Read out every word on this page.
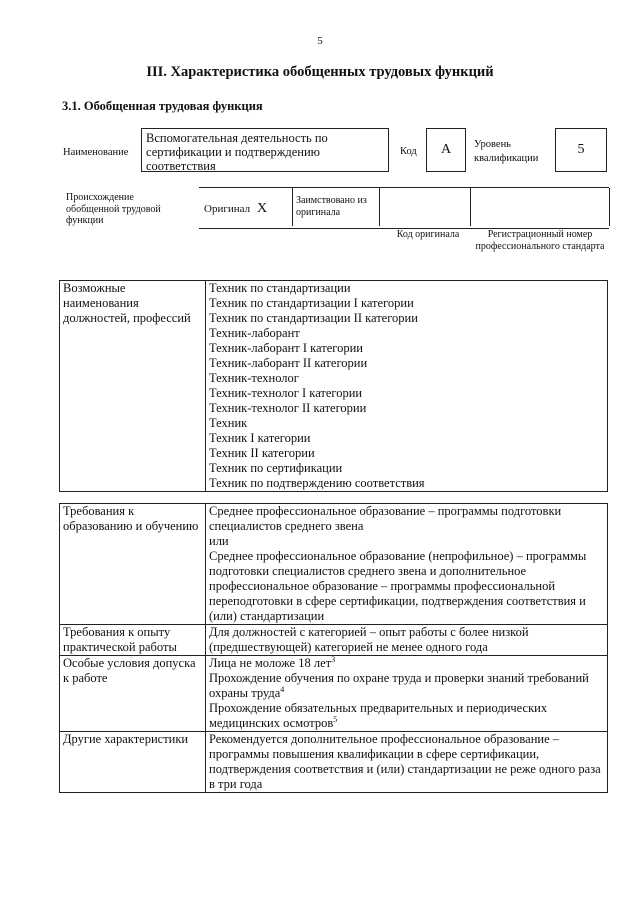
5
III. Характеристика обобщенных трудовых функций
3.1. Обобщенная трудовая функция
Наименование
Вспомогательная деятельность по сертификации и подтверждению соответствия
Код	А	Уровень квалификации
5
Происхождение обобщенной трудовой функции
Оригинал Х
Заимствовано из оригинала
Код оригинала	Регистрационный номер профессионального стандарта
Возможные наименования должностей, профессий	
Техник по стандартизации
Техник по стандартизации I категории
Техник по стандартизации II категории
Техник-лаборант
Техник-лаборант I категории
Техник-лаборант II категории
Техник-технолог
Техник-технолог I категории
Техник-технолог II категории
Техник
Техник I категории
Техник II категории
Техник по сертификации
Техник по подтверждению соответствия
Требования к образованию и обучению	Среднее профессиональное образование – программы подготовки специалистов среднего звена
или
Среднее профессиональное образование (непрофильное) – программы подготовки специалистов среднего звена и дополнительное профессиональное образование – программы профессиональной переподготовки в сфере сертификации, подтверждения соответствия и (или) стандартизации

Требования к опыту практической работы	Для должностей с категорией – опыт работы с более низкой (предшествующей) категорией не менее одного года
Особые условия допуска к работе	Лица не моложе 18 лет$^3$
Прохождение обучения по охране труда и проверки знаний требований охраны труда$^4$
Прохождение обязательных предварительных и периодических медицинских осмотров$^5$

Другие характеристики	Рекомендуется дополнительное профессиональное образование – программы повышения квалификации в сфере сертификации, подтверждения соответствия и (или) стандартизации не реже одного раза в три года
